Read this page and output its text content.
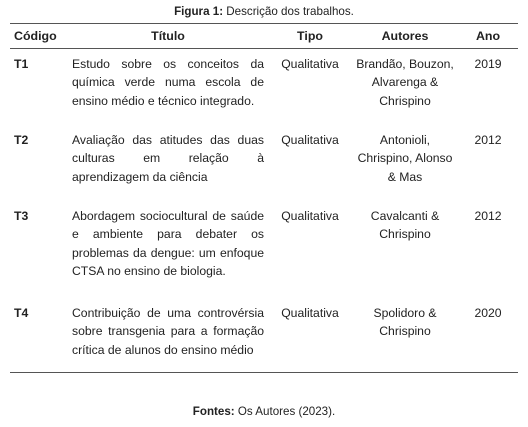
Figura 1: Descrição dos trabalhos.
Código	Título	Tipo	Autores	Ano
T1	Estudo sobre os conceitos da química verde numa escola de ensino médio e técnico integrado.	Qualitativa	Brandão, Bouzon, Alvarenga & Chrispino	2019
T2	Avaliação das atitudes das duas culturas em relação à aprendizagem da ciência	Qualitativa	Antonioli, Chrispino, Alonso & Mas	2012
T3	Abordagem sociocultural de saúde e ambiente para debater os problemas da dengue: um enfoque CTSA no ensino de biologia.	Qualitativa	Cavalcanti & Chrispino	2012
T4	Contribuição de uma controvérsia sobre transgenia para a formação crítica de alunos do ensino médio	Qualitativa	Spolidoro & Chrispino	2020
Fontes: Os Autores (2023).
